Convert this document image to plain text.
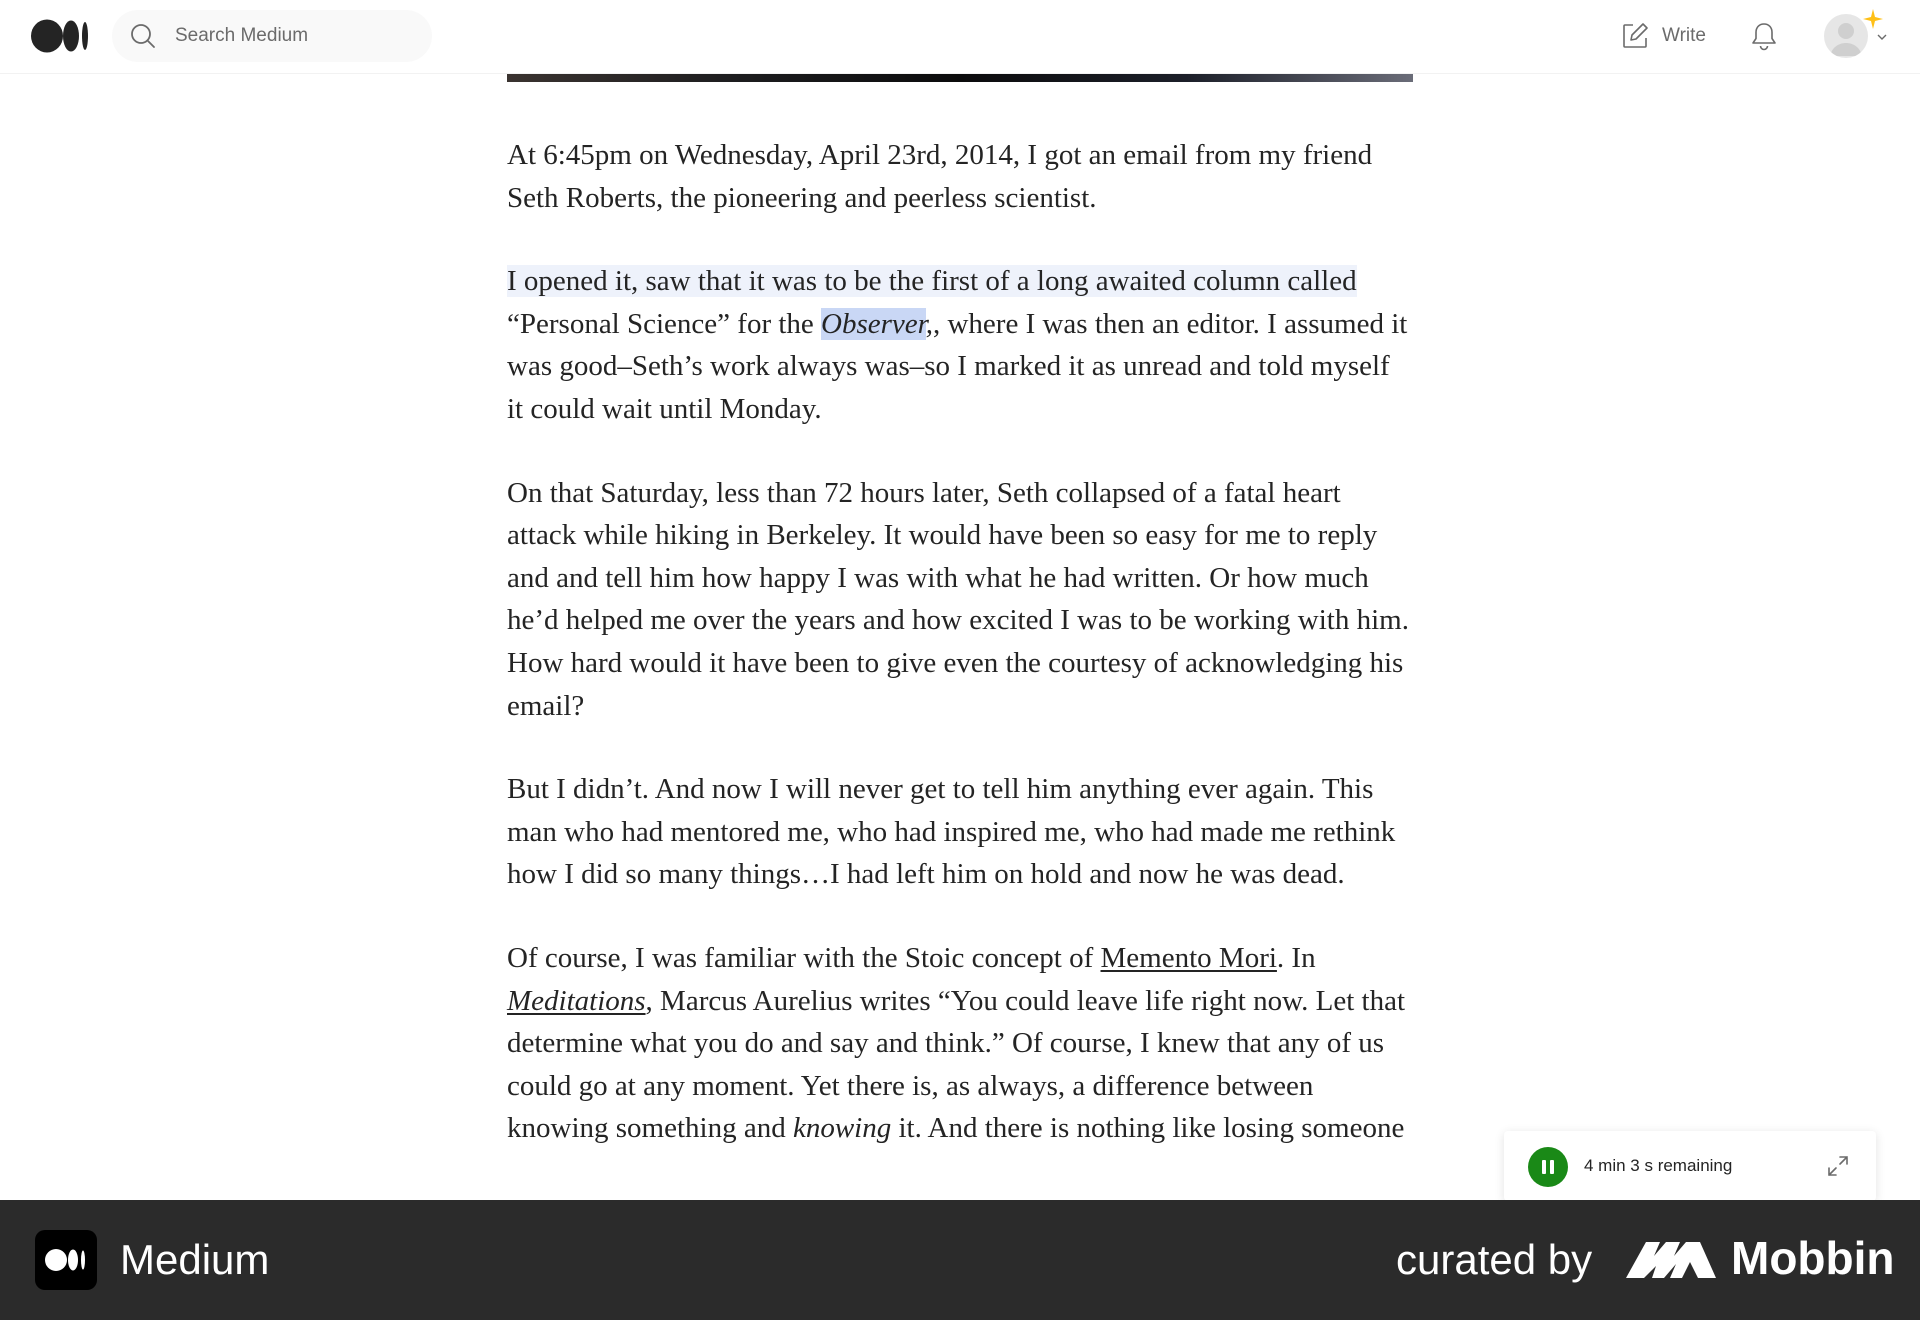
Search Medium
Write

At 6:45pm on Wednesday, April 23rd, 2014, I got an email from my friend Seth Roberts, the pioneering and peerless scientist.

I opened it, saw that it was to be the first of a long awaited column called
“Personal Science” for the Observer,, where I was then an editor. I assumed it was good–Seth’s work always was–so I marked it as unread and told myself it could wait until Monday.

On that Saturday, less than 72 hours later, Seth collapsed of a fatal heart attack while hiking in Berkeley. It would have been so easy for me to reply and and tell him how happy I was with what he had written. Or how much he’d helped me over the years and how excited I was to be working with him. How hard would it have been to give even the courtesy of acknowledging his email?

But I didn’t. And now I will never get to tell him anything ever again. This man who had mentored me, who had inspired me, who had made me rethink how I did so many things…I had left him on hold and now he was dead.

Of course, I was familiar with the Stoic concept of Memento Mori. In
Meditations, Marcus Aurelius writes “You could leave life right now. Let that determine what you do and say and think.” Of course, I knew that any of us could go at any moment. Yet there is, as always, a difference between knowing something and knowing it. And there is nothing like losing someone

4 min 3 s remaining
Medium	curated by	Mobbin
